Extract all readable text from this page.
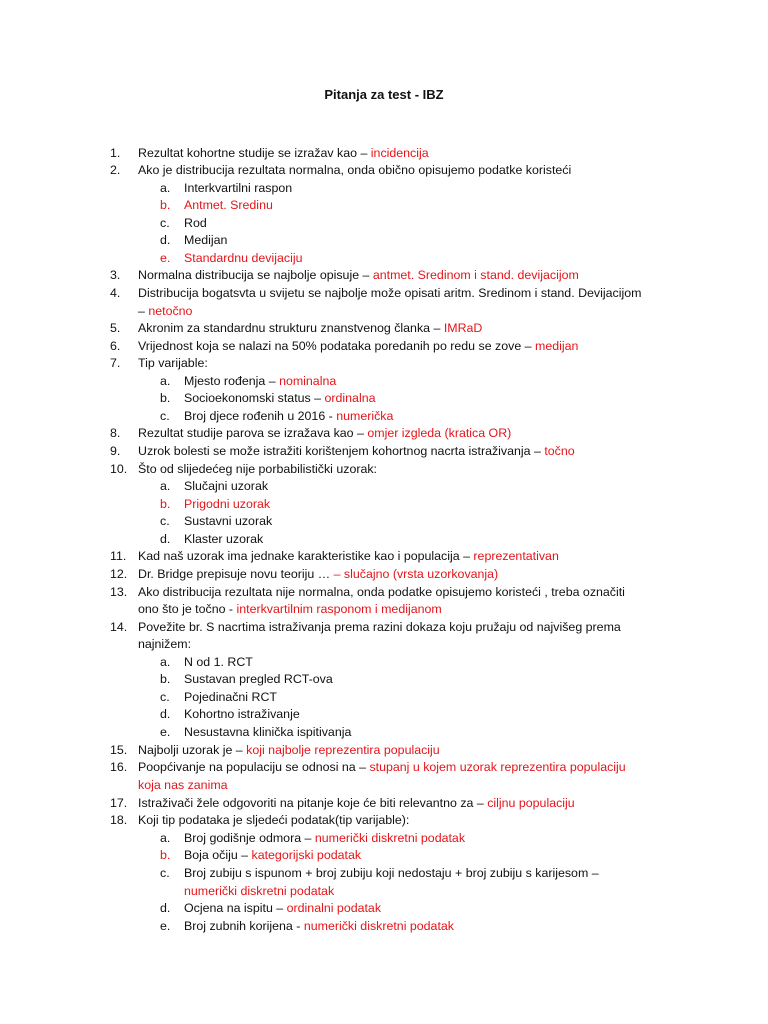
Pitanja za test - IBZ
1.	Rezultat kohortne studije se izražav kao – incidencija
2.	Ako je distribucija rezultata normalna, onda obično opisujemo podatke koristeći
a.	Interkvartilni raspon
b.	Antmet. Sredinu
c.	Rod
d.	Medijan
e.	Standardnu devijaciju
3.	Normalna distribucija se najbolje opisuje – antmet. Sredinom i stand. devijacijom
4.	Distribucija bogatsvta u svijetu se najbolje može opisati aritm. Sredinom i stand. Devijacijom
– netočno
5.	Akronim za standardnu strukturu znanstvenog članka – IMRaD
6.	Vrijednost koja se nalazi na 50% podataka poredanih po redu se zove – medijan
7.	Tip varijable:
a.	Mjesto rođenja – nominalna
b.	Socioekonomski status – ordinalna
c.	Broj djece rođenih u 2016 - numerička
8.	Rezultat studije parova se izražava kao – omjer izgleda (kratica OR)
9.	Uzrok bolesti se može istražiti korištenjem kohortnog nacrta istraživanja – točno
10. Što od slijedećeg nije porbabilistički uzorak:
a.	Slučajni uzorak
b.	Prigodni uzorak
c.	Sustavni uzorak
d.	Klaster uzorak
11. Kad naš uzorak ima jednake karakteristike kao i populacija – reprezentativan
12. Dr. Bridge prepisuje novu teoriju … – slučajno (vrsta uzorkovanja)
13. Ako distribucija rezultata nije normalna, onda podatke opisujemo koristeći , treba označiti
ono što je točno - interkvartilnim rasponom i medijanom
14. Povežite br. S nacrtima istraživanja prema razini dokaza koju pružaju od najvišeg prema
najnižem:
a.	N od 1. RCT
b.	Sustavan pregled RCT-ova
c.	Pojedinačni RCT
d.	Kohortno istraživanje
e.	Nesustavna klinička ispitivanja
15. Najbolji uzorak je – koji najbolje reprezentira populaciju
16. Poopćivanje na populaciju se odnosi na – stupanj u kojem uzorak reprezentira populaciju
koja nas zanima
17. Istraživači žele odgovoriti na pitanje koje će biti relevantno za – ciljnu populaciju
18. Koji tip podataka je sljedeći podatak(tip varijable):
a.	Broj godišnje odmora – numerički diskretni podatak
b.	Boja očiju – kategorijski podatak
c.	Broj zubiju s ispunom + broj zubiju koji nedostaju + broj zubiju s karijesom –
numerički diskretni podatak
d.	Ocjena na ispitu – ordinalni podatak
e.	Broj zubnih korijena - numerički diskretni podatak
